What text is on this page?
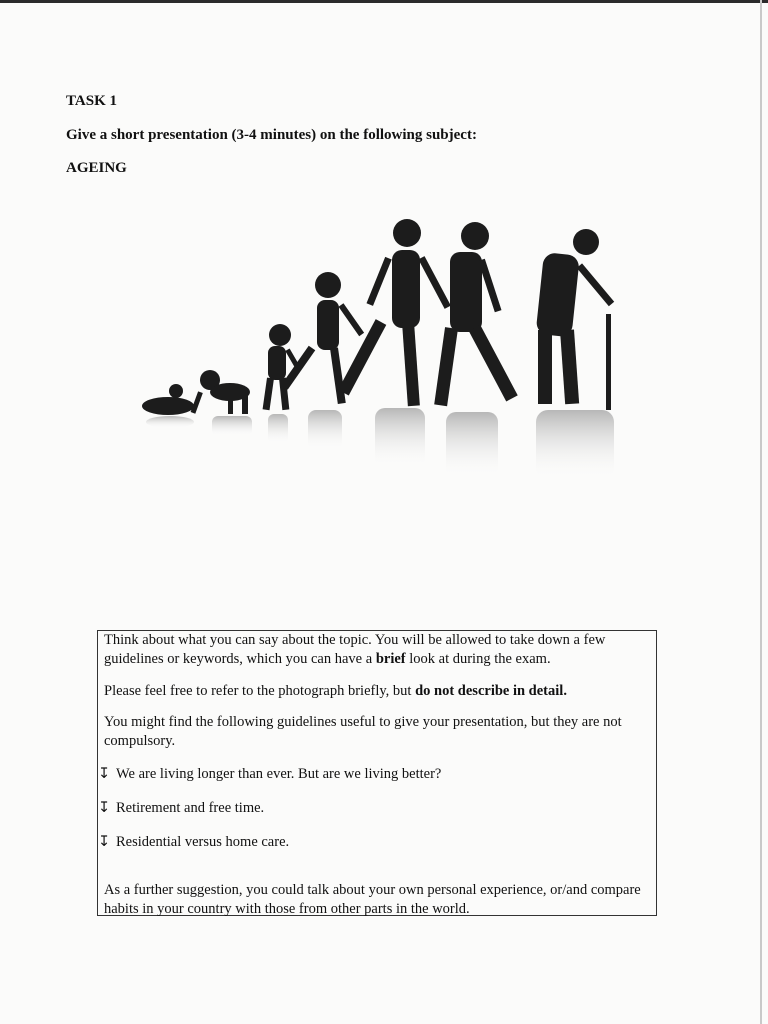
TASK 1
Give a short presentation (3-4 minutes) on the following subject:
AGEING

Think about what you can say about the topic. You will be allowed to take down a few guidelines or keywords, which you can have a brief look at during the exam.

Please feel free to refer to the photograph briefly, but do not describe in detail.

You might find the following guidelines useful to give your presentation, but they are not compulsory.

↧ We are living longer than ever. But are we living better?
↧ Retirement and free time.
↧ Residential versus home care.

As a further suggestion, you could talk about your own personal experience, or/and compare habits in your country with those from other parts in the world.
